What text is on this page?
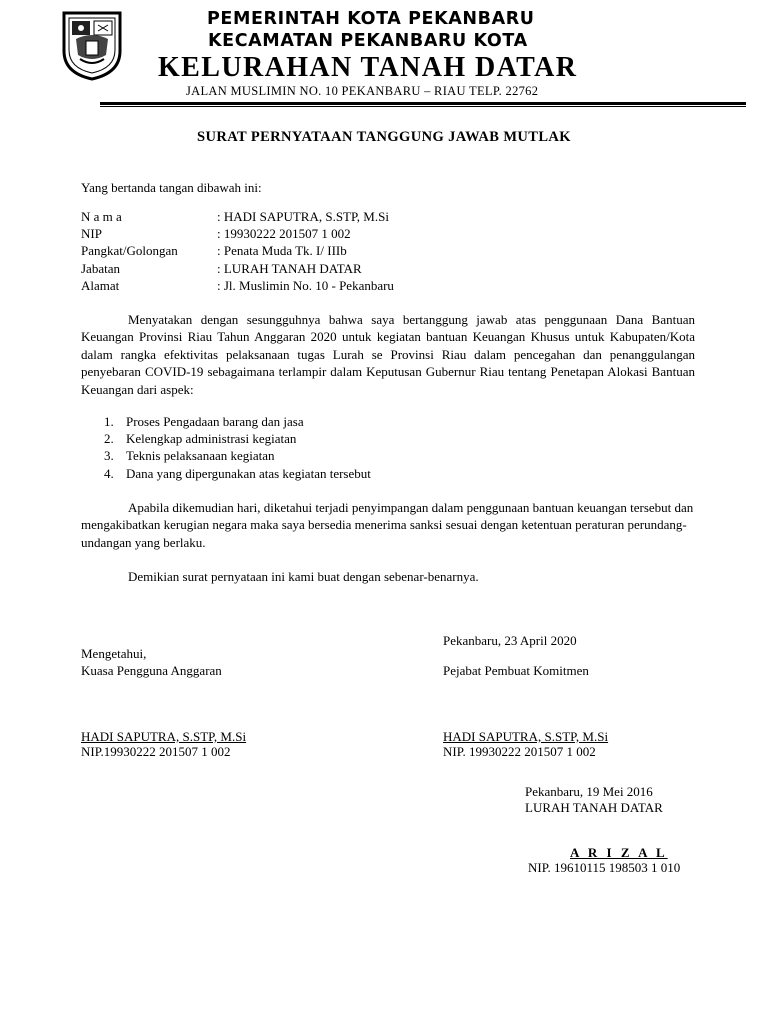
PEMERINTAH KOTA PEKANBARU
KECAMATAN PEKANBARU KOTA
KELURAHAN TANAH DATAR
JALAN MUSLIMIN NO. 10 PEKANBARU – RIAU TELP. 22762
SURAT PERNYATAAN TANGGUNG JAWAB MUTLAK
Yang bertanda tangan dibawah ini:
N a m a	: HADI SAPUTRA, S.STP, M.Si
NIP	: 19930222 201507 1 002
Pangkat/Golongan	: Penata Muda Tk. I/ IIIb
Jabatan	: LURAH TANAH DATAR
Alamat	: Jl. Muslimin No. 10 - Pekanbaru
Menyatakan dengan sesungguhnya bahwa saya bertanggung jawab atas penggunaan Dana Bantuan Keuangan Provinsi Riau Tahun Anggaran 2020 untuk kegiatan bantuan Keuangan Khusus untuk Kabupaten/Kota dalam rangka efektivitas pelaksanaan tugas Lurah se Provinsi Riau dalam pencegahan dan penanggulangan penyebaran COVID-19 sebagaimana terlampir dalam Keputusan Gubernur Riau tentang Penetapan Alokasi Bantuan Keuangan dari aspek:
1. Proses Pengadaan barang dan jasa
2. Kelengkap administrasi kegiatan
3. Teknis pelaksanaan kegiatan
4. Dana yang dipergunakan atas kegiatan tersebut
Apabila dikemudian hari, diketahui terjadi penyimpangan dalam penggunaan bantuan keuangan tersebut dan mengakibatkan kerugian negara maka saya bersedia menerima sanksi sesuai dengan ketentuan peraturan perundang-undangan yang berlaku.
Demikian surat pernyataan ini kami buat dengan sebenar-benarnya.
Pekanbaru, 23 April 2020
Mengetahui,
Kuasa Pengguna Anggaran	Pejabat Pembuat Komitmen
HADI SAPUTRA, S.STP, M.Si
NIP.19930222 201507 1 002
HADI SAPUTRA, S.STP, M.Si
NIP. 19930222 201507 1 002
Pekanbaru, 19 Mei 2016
LURAH TANAH DATAR
A R I Z A L
NIP. 19610115 198503 1 010
